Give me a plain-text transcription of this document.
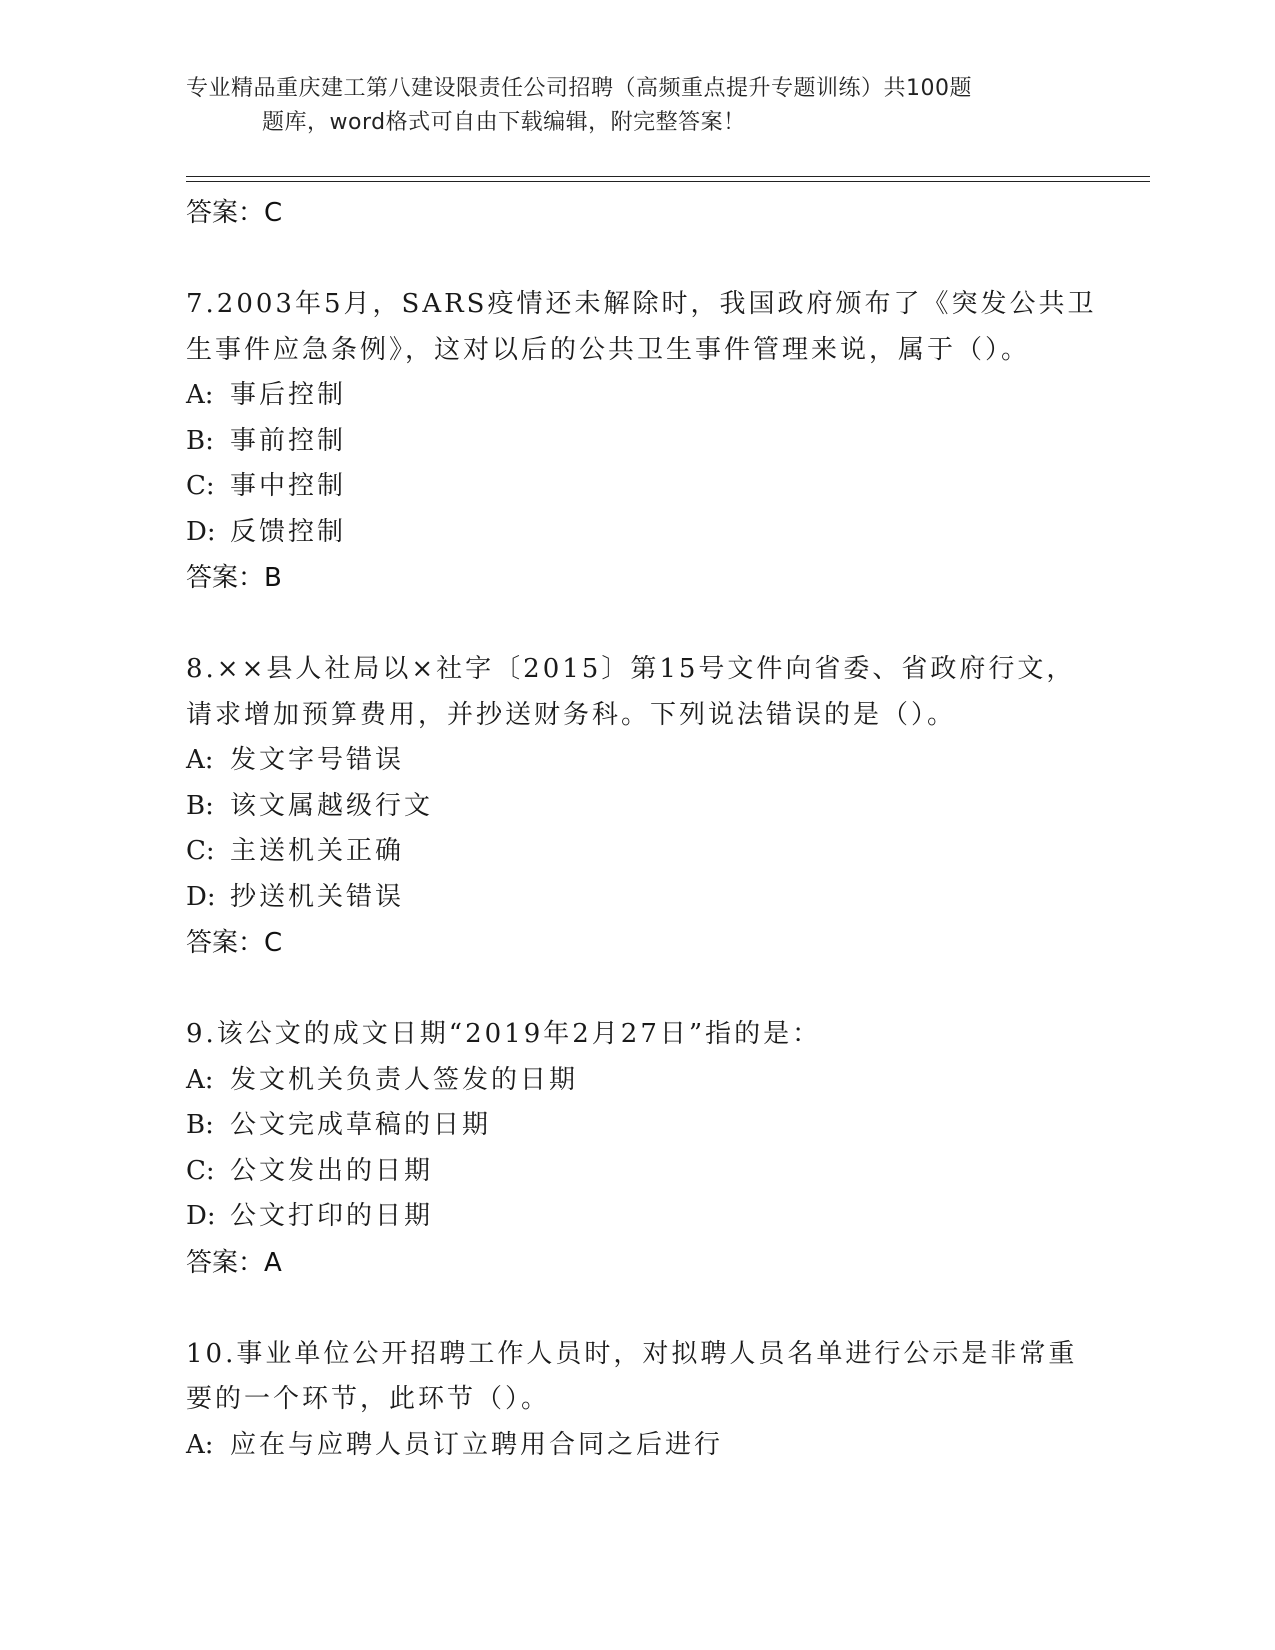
专业精品重庆建工第八建设限责任公司招聘（高频重点提升专题训练）共100题
题库，word格式可自由下载编辑，附完整答案！
答案：C
7.2003年5月，SARS疫情还未解除时，我国政府颁布了《突发公共卫
生事件应急条例》，这对以后的公共卫生事件管理来说，属于（）。
A: 事后控制
B: 事前控制
C: 事中控制
D: 反馈控制
答案：B
8.××县人社局以×社字〔2015〕第15号文件向省委、省政府行文，
请求增加预算费用，并抄送财务科。下列说法错误的是（）。
A: 发文字号错误
B: 该文属越级行文
C: 主送机关正确
D: 抄送机关错误
答案：C
9.该公文的成文日期“2019年2月27日”指的是：
A: 发文机关负责人签发的日期
B: 公文完成草稿的日期
C: 公文发出的日期
D: 公文打印的日期
答案：A
10.事业单位公开招聘工作人员时，对拟聘人员名单进行公示是非常重
要的一个环节，此环节（）。
A: 应在与应聘人员订立聘用合同之后进行
